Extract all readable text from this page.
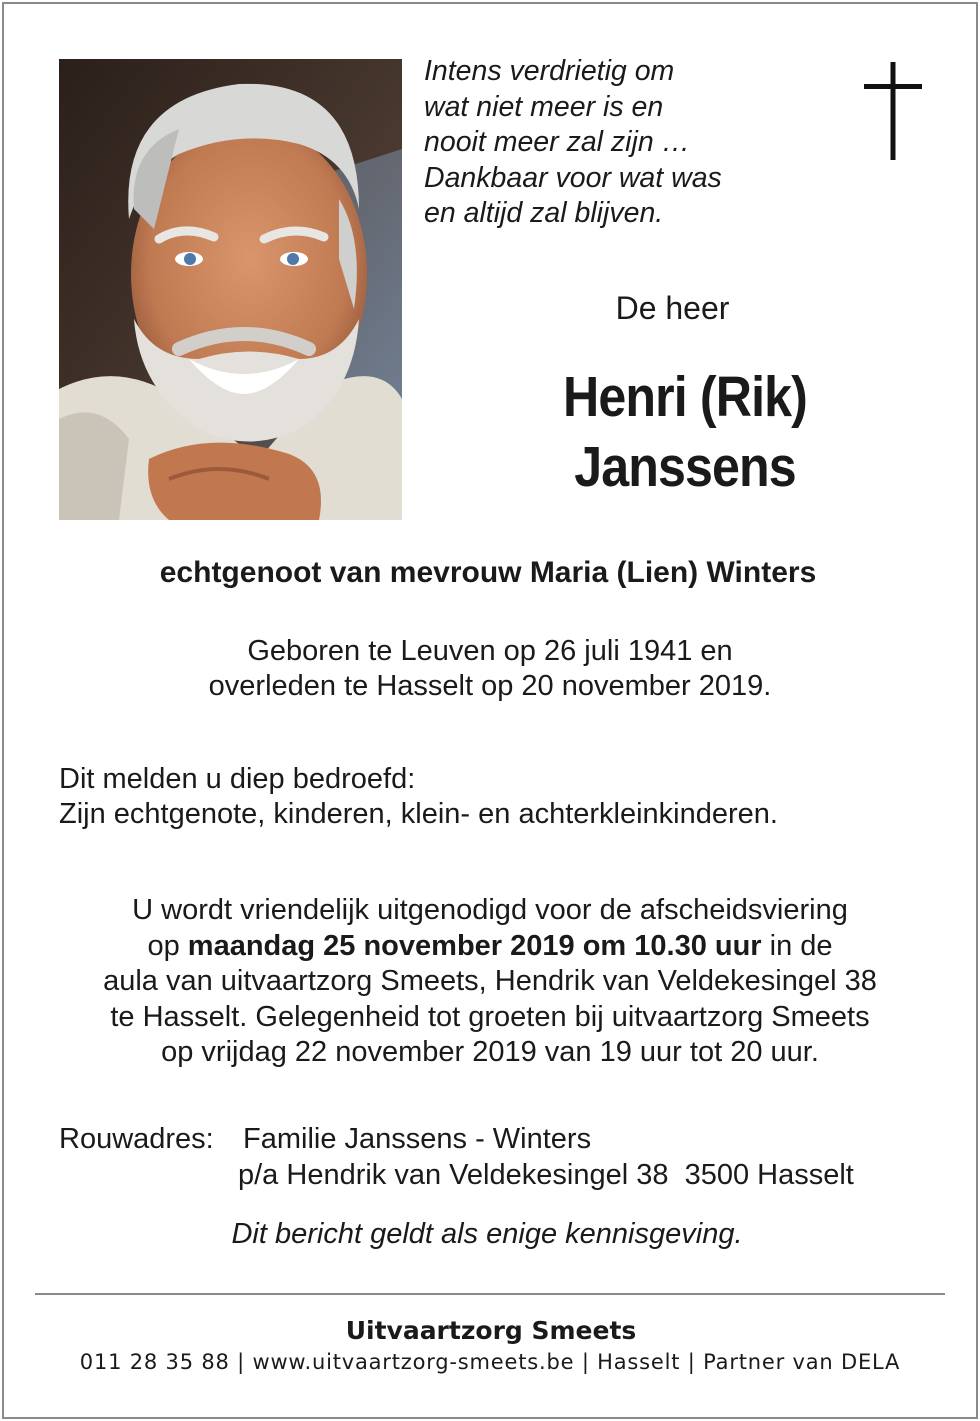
Intens verdrietig om
wat niet meer is en
nooit meer zal zijn …
Dankbaar voor wat was
en altijd zal blijven.
De heer
Henri (Rik)
Janssens
echtgenoot van mevrouw Maria (Lien) Winters
Geboren te Leuven op 26 juli 1941 en
overleden te Hasselt op 20 november 2019.
Dit melden u diep bedroefd:
Zijn echtgenote, kinderen, klein- en achterkleinkinderen.
U wordt vriendelijk uitgenodigd voor de afscheidsviering
op maandag 25 november 2019 om 10.30 uur in de
aula van uitvaartzorg Smeets, Hendrik van Veldekesingel 38
te Hasselt. Gelegenheid tot groeten bij uitvaartzorg Smeets
op vrijdag 22 november 2019 van 19 uur tot 20 uur.
Rouwadres: Familie Janssens - Winters
p/a Hendrik van Veldekesingel 38  3500 Hasselt
Dit bericht geldt als enige kennisgeving.
Uitvaartzorg Smeets
011 28 35 88 | www.uitvaartzorg-smeets.be | Hasselt | Partner van DELA
